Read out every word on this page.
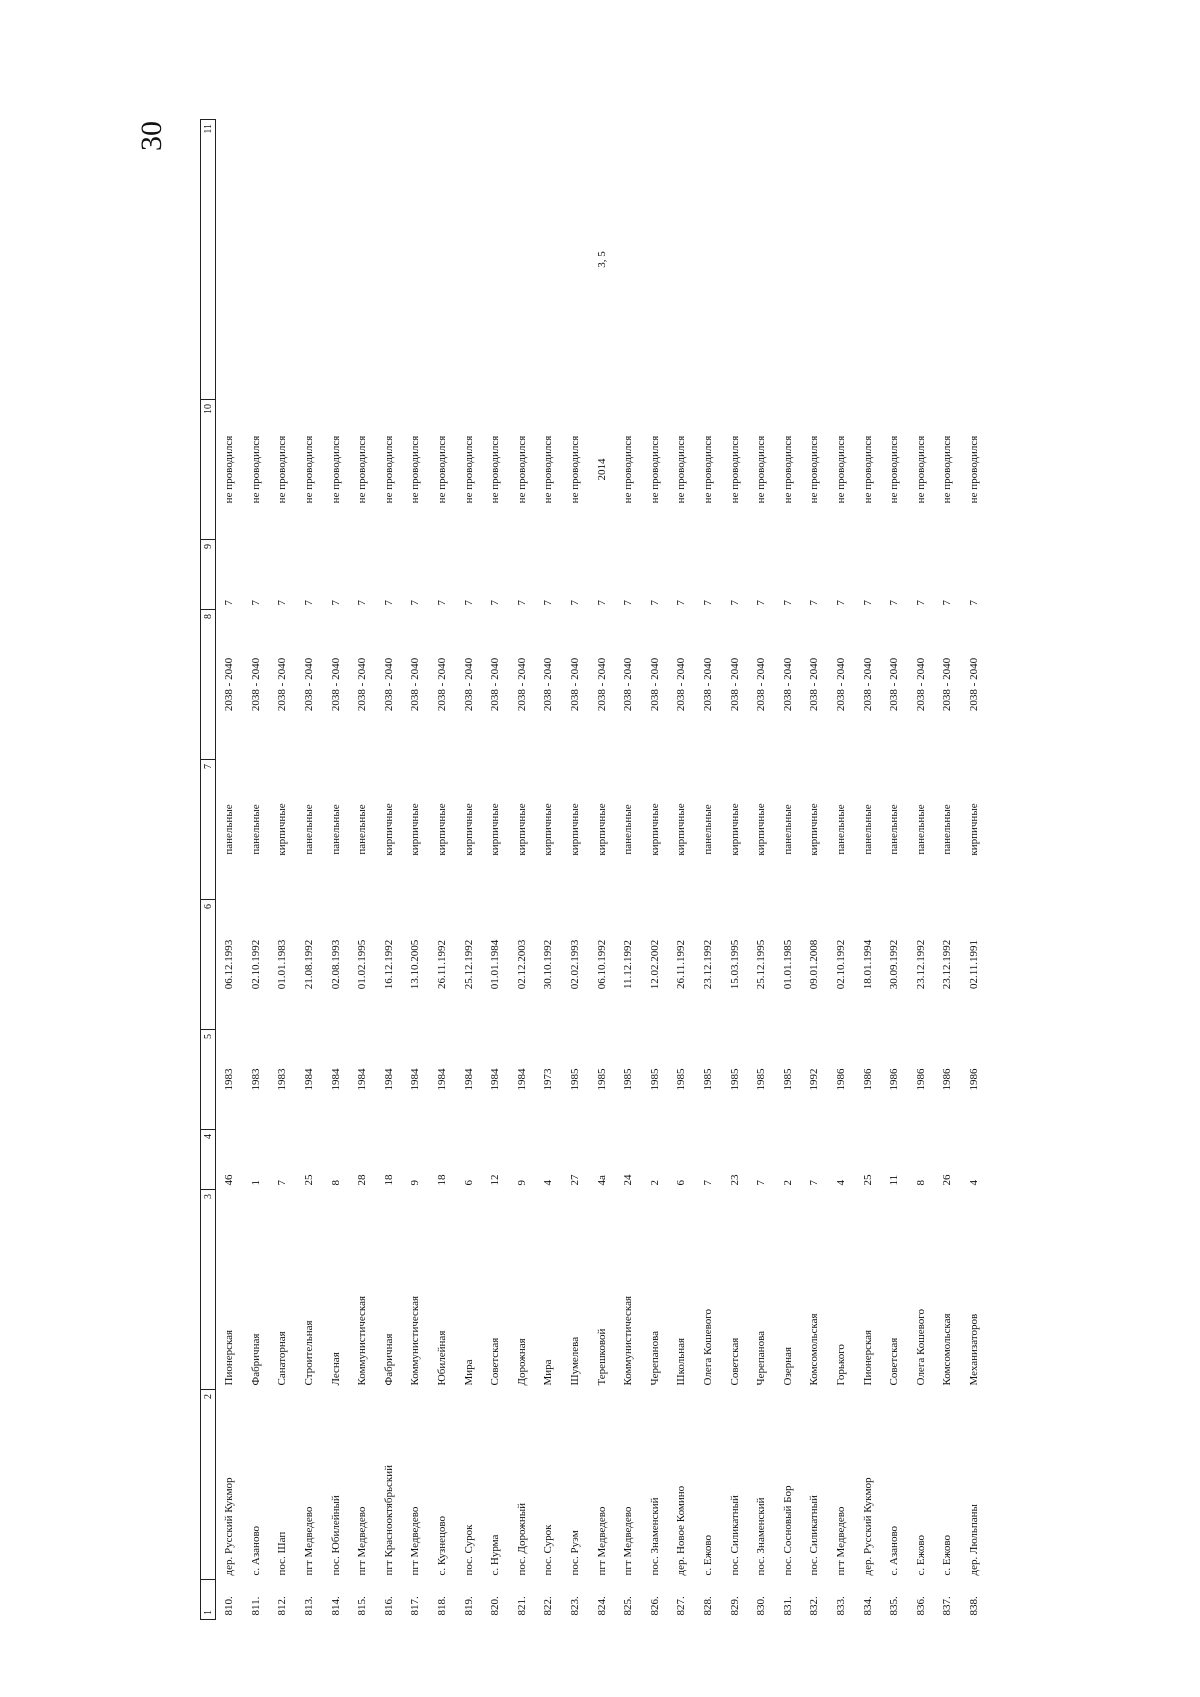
30
1	2	3	4	5	6	7	8	9	10	11
810.	дер. Русский Кукмор	Пионерская	46	1983	06.12.1993	панельные	2038 - 2040	7	не проводился	
811.	с. Азаново	Фабричная	1	1983	02.10.1992	панельные	2038 - 2040	7	не проводился	
812.	пос. Шап	Санаторная	7	1983	01.01.1983	кирпичные	2038 - 2040	7	не проводился	
813.	пгт Медведево	Строительная	25	1984	21.08.1992	панельные	2038 - 2040	7	не проводился	
814.	пос. Юбилейный	Лесная	8	1984	02.08.1993	панельные	2038 - 2040	7	не проводился	
815.	пгт Медведево	Коммунистическая	28	1984	01.02.1995	панельные	2038 - 2040	7	не проводился	
816.	пгт Краснооктябрьский	Фабричная	18	1984	16.12.1992	кирпичные	2038 - 2040	7	не проводился	
817.	пгт Медведево	Коммунистическая	9	1984	13.10.2005	кирпичные	2038 - 2040	7	не проводился	
818.	с. Кузнецово	Юбилейная	18	1984	26.11.1992	кирпичные	2038 - 2040	7	не проводился	
819.	пос. Сурок	Мира	6	1984	25.12.1992	кирпичные	2038 - 2040	7	не проводился	
820.	с. Нурма	Советская	12	1984	01.01.1984	кирпичные	2038 - 2040	7	не проводился	
821.	пос. Дорожный	Дорожная	9	1984	02.12.2003	кирпичные	2038 - 2040	7	не проводился	
822.	пос. Сурок	Мира	4	1973	30.10.1992	кирпичные	2038 - 2040	7	не проводился	
823.	пос. Руэм	Шумелева	27	1985	02.02.1993	кирпичные	2038 - 2040	7	не проводился	
824.	пгт Медведево	Терешковой	4а	1985	06.10.1992	кирпичные	2038 - 2040	7	2014	3, 5
825.	пгт Медведево	Коммунистическая	24	1985	11.12.1992	панельные	2038 - 2040	7	не проводился	
826.	пос. Знаменский	Черепанова	2	1985	12.02.2002	кирпичные	2038 - 2040	7	не проводился	
827.	дер. Новое Комино	Школьная	6	1985	26.11.1992	кирпичные	2038 - 2040	7	не проводился	
828.	с. Ежово	Олега Кошевого	7	1985	23.12.1992	панельные	2038 - 2040	7	не проводился	
829.	пос. Силикатный	Советская	23	1985	15.03.1995	кирпичные	2038 - 2040	7	не проводился	
830.	пос. Знаменский	Черепанова	7	1985	25.12.1995	кирпичные	2038 - 2040	7	не проводился	
831.	пос. Сосновый Бор	Озерная	2	1985	01.01.1985	панельные	2038 - 2040	7	не проводился	
832.	пос. Силикатный	Комсомольская	7	1992	09.01.2008	кирпичные	2038 - 2040	7	не проводился	
833.	пгт Медведево	Горького	4	1986	02.10.1992	панельные	2038 - 2040	7	не проводился	
834.	дер. Русский Кукмор	Пионерская	25	1986	18.01.1994	панельные	2038 - 2040	7	не проводился	
835.	с. Азаново	Советская	11	1986	30.09.1992	панельные	2038 - 2040	7	не проводился	
836.	с. Ежово	Олега Кошевого	8	1986	23.12.1992	панельные	2038 - 2040	7	не проводился	
837.	с. Ежово	Комсомольская	26	1986	23.12.1992	панельные	2038 - 2040	7	не проводился	
838.	дер. Люльпаны	Механизаторов	4	1986	02.11.1991	кирпичные	2038 - 2040	7	не проводился	
